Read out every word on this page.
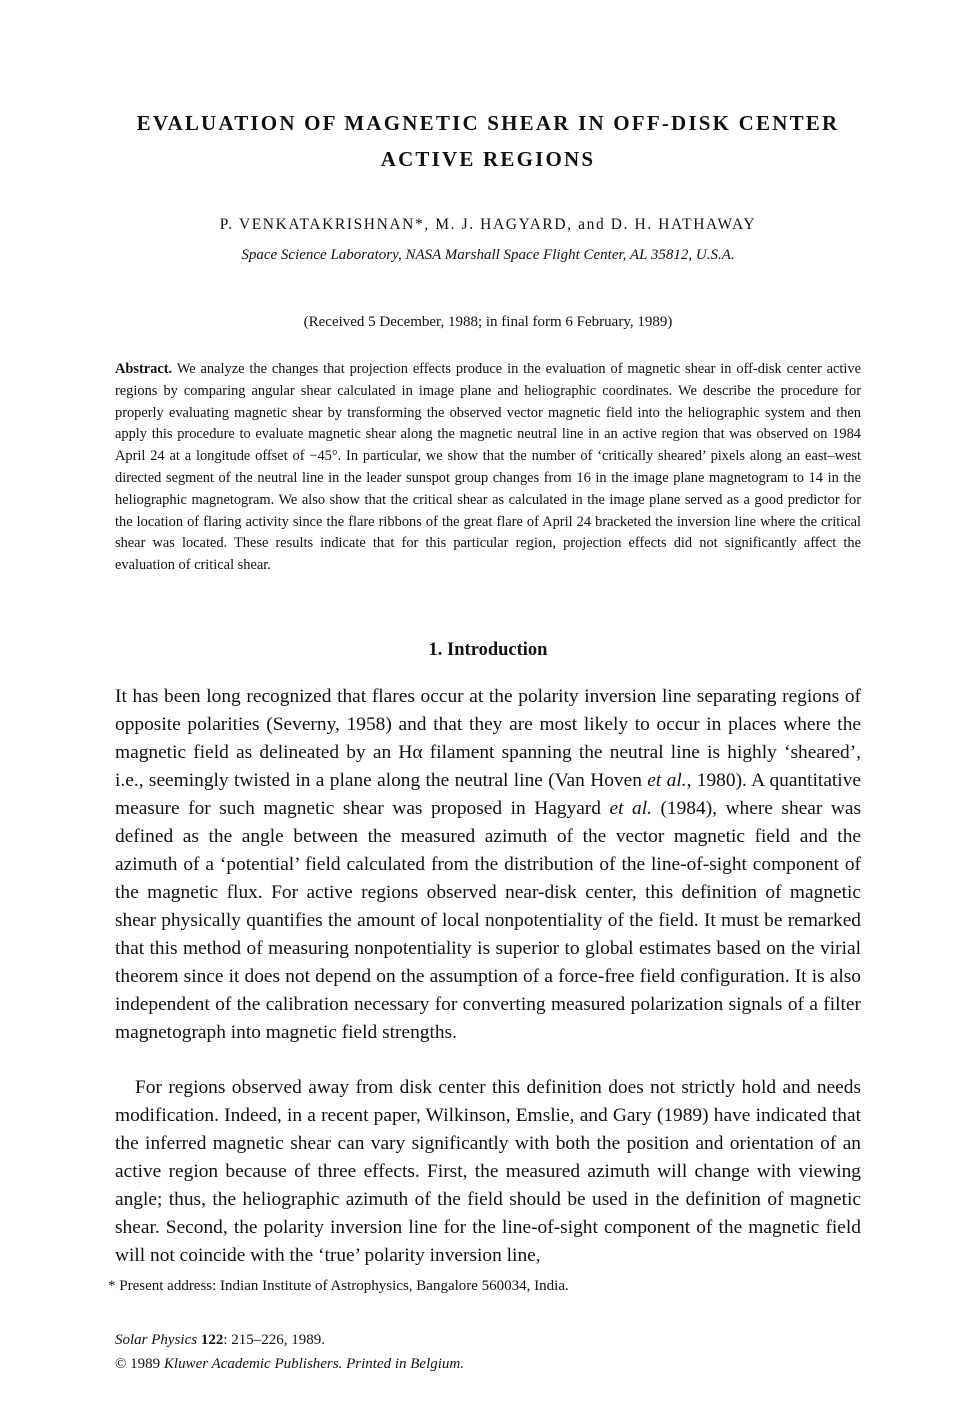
EVALUATION OF MAGNETIC SHEAR IN OFF-DISK CENTER
ACTIVE REGIONS
P. VENKATAKRISHNAN*, M. J. HAGYARD, and D. H. HATHAWAY
Space Science Laboratory, NASA Marshall Space Flight Center, AL 35812, U.S.A.
(Received 5 December, 1988; in final form 6 February, 1989)
Abstract. We analyze the changes that projection effects produce in the evaluation of magnetic shear in off-disk center active regions by comparing angular shear calculated in image plane and heliographic coordinates. We describe the procedure for properly evaluating magnetic shear by transforming the observed vector magnetic field into the heliographic system and then apply this procedure to evaluate magnetic shear along the magnetic neutral line in an active region that was observed on 1984 April 24 at a longitude offset of −45°. In particular, we show that the number of ‘critically sheared’ pixels along an east–west directed segment of the neutral line in the leader sunspot group changes from 16 in the image plane magnetogram to 14 in the heliographic magnetogram. We also show that the critical shear as calculated in the image plane served as a good predictor for the location of flaring activity since the flare ribbons of the great flare of April 24 bracketed the inversion line where the critical shear was located. These results indicate that for this particular region, projection effects did not significantly affect the evaluation of critical shear.
1. Introduction

It has been long recognized that flares occur at the polarity inversion line separating regions of opposite polarities (Severny, 1958) and that they are most likely to occur in places where the magnetic field as delineated by an Hα filament spanning the neutral line is highly ‘sheared’, i.e., seemingly twisted in a plane along the neutral line (Van Hoven et al., 1980). A quantitative measure for such magnetic shear was proposed in Hagyard et al. (1984), where shear was defined as the angle between the measured azimuth of the vector magnetic field and the azimuth of a ‘potential’ field calculated from the distribution of the line-of-sight component of the magnetic flux. For active regions observed near-disk center, this definition of magnetic shear physically quantifies the amount of local nonpotentiality of the field. It must be remarked that this method of measuring nonpotentiality is superior to global estimates based on the virial theorem since it does not depend on the assumption of a force-free field configuration. It is also independent of the calibration necessary for converting measured polarization signals of a filter magnetograph into magnetic field strengths.

For regions observed away from disk center this definition does not strictly hold and needs modification. Indeed, in a recent paper, Wilkinson, Emslie, and Gary (1989) have indicated that the inferred magnetic shear can vary significantly with both the position and orientation of an active region because of three effects. First, the measured azimuth will change with viewing angle; thus, the heliographic azimuth of the field should be used in the definition of magnetic shear. Second, the polarity inversion line for the line-of-sight component of the magnetic field will not coincide with the ‘true’ polarity inversion line,

* Present address: Indian Institute of Astrophysics, Bangalore 560034, India.
Solar Physics 122: 215–226, 1989.
© 1989 Kluwer Academic Publishers. Printed in Belgium.
